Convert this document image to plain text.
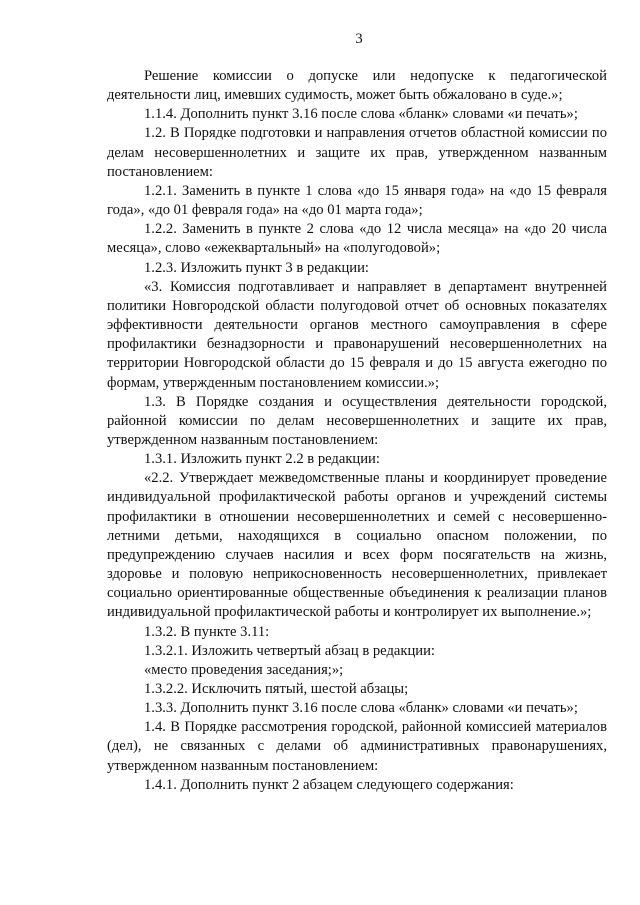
3

Решение комиссии о допуске или недопуске к педагогической деятельности лиц, имевших судимость, может быть обжаловано в суде.»;

1.1.4. Дополнить пункт 3.16 после слова «бланк» словами «и печать»;

1.2. В Порядке подготовки и направления отчетов областной комиссии по делам несовершеннолетних и защите их прав, утвержденном названным постановлением:

1.2.1. Заменить в пункте 1 слова «до 15 января года» на «до 15 февраля года», «до 01 февраля года» на «до 01 марта года»;

1.2.2. Заменить в пункте 2 слова «до 12 числа месяца» на «до 20 числа месяца», слово «ежеквартальный» на «полугодовой»;

1.2.3. Изложить пункт 3 в редакции:

«3. Комиссия подготавливает и направляет в департамент внутренней политики Новгородской области полугодовой отчет об основных показателях эффективности деятельности органов местного самоуправления в сфере профилактики безнадзорности и правонарушений несовершеннолетних на территории Новгородской области до 15 февраля и до 15 августа ежегодно по формам, утвержденным постановлением комиссии.»;

1.3. В Порядке создания и осуществления деятельности городской, районной комиссии по делам несовершеннолетних и защите их прав, утвержденном названным постановлением:

1.3.1. Изложить пункт 2.2 в редакции:

«2.2. Утверждает межведомственные планы и координирует проведение индивидуальной профилактической работы органов и учреждений системы профилактики в отношении несовершеннолетних и семей с несовершеннолетними детьми, находящихся в социально опасном положении, по предупреждению случаев насилия и всех форм посягательств на жизнь, здоровье и половую неприкосновенность несовершеннолетних, привлекает социально ориентированные общественные объединения к реализации планов индивидуальной профилактической работы и контролирует их выполнение.»;

1.3.2. В пункте 3.11:

1.3.2.1. Изложить четвертый абзац в редакции:

«место проведения заседания;»;

1.3.2.2. Исключить пятый, шестой абзацы;

1.3.3. Дополнить пункт 3.16 после слова «бланк» словами «и печать»;

1.4. В Порядке рассмотрения городской, районной комиссией материалов (дел), не связанных с делами об административных правонарушениях, утвержденном названным постановлением:

1.4.1. Дополнить пункт 2 абзацем следующего содержания:
